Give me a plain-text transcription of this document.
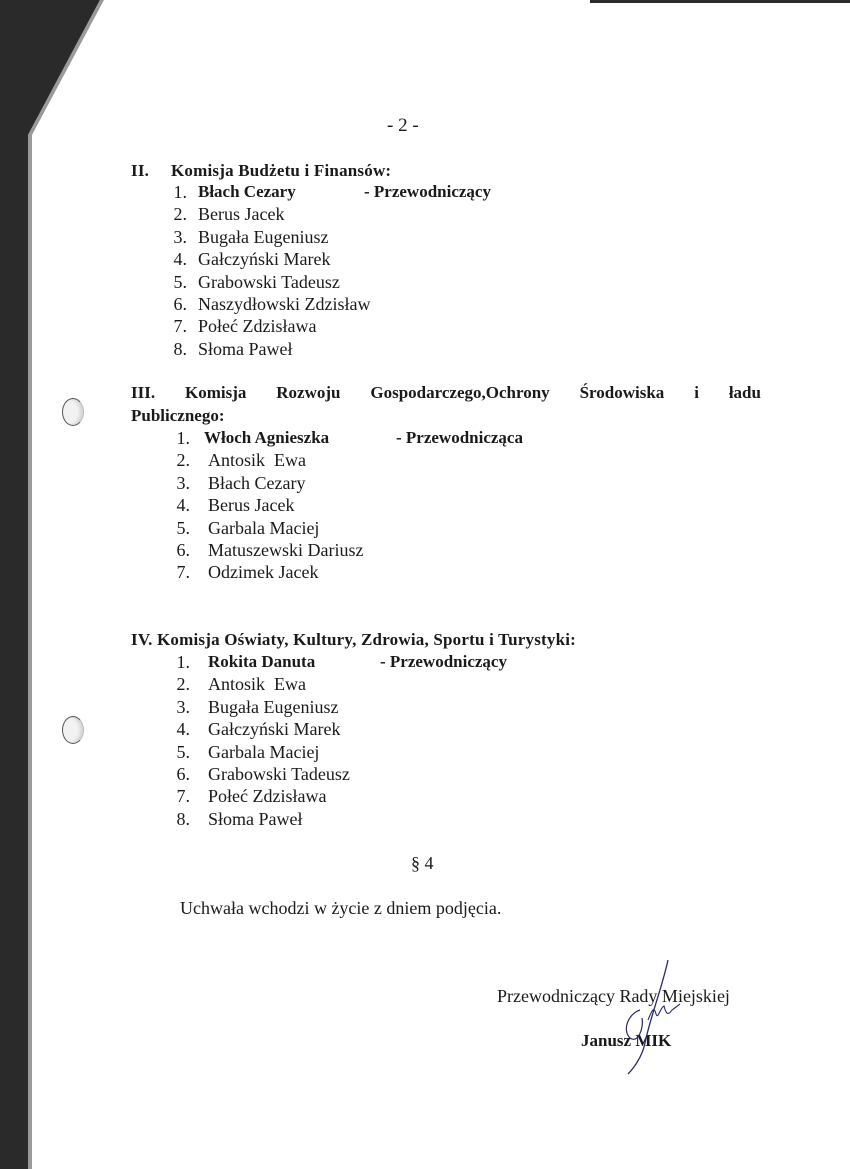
- 2 -
II. Komisja Budżetu i Finansów:
1. Błach Cezary	- Przewodniczący
2. Berus Jacek
3. Bugała Eugeniusz
4. Gałczyński Marek
5. Grabowski Tadeusz
6. Naszydłowski Zdzisław
7. Połeć Zdzisława
8. Słoma Paweł
III. Komisja Rozwoju Gospodarczego,Ochrony Środowiska i ładu
Publicznego:
1. Włoch Agnieszka	- Przewodnicząca
2. Antosik  Ewa
3. Błach Cezary
4. Berus Jacek
5. Garbala Maciej
6. Matuszewski Dariusz
7. Odzimek Jacek
IV. Komisja Oświaty, Kultury, Zdrowia, Sportu i Turystyki:
1. Rokita Danuta	- Przewodniczący
2. Antosik  Ewa
3. Bugała Eugeniusz
4. Gałczyński Marek
5. Garbala Maciej
6. Grabowski Tadeusz
7. Połeć Zdzisława
8. Słoma Paweł
§ 4
Uchwała wchodzi w życie z dniem podjęcia.
Przewodniczący Rady Miejskiej
Janusz MIK
